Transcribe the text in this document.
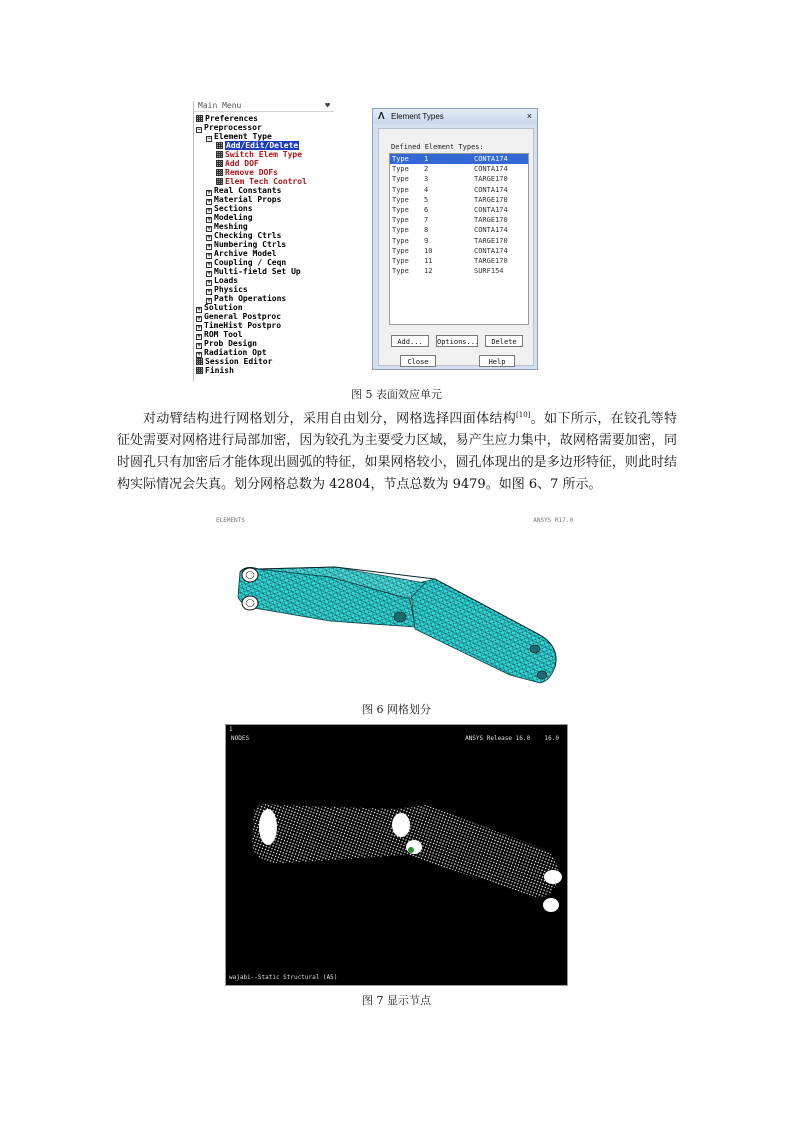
Main Menu	♥
Preferences
− Preprocessor
− Element Type
Add/Edit/Delete
Switch Elem Type
Add DOF
Remove DOFs
Elem Tech Control
+ Real Constants
+ Material Props
+ Sections
+ Modeling
+ Meshing
+ Checking Ctrls
+ Numbering Ctrls
+ Archive Model
+ Coupling / Ceqn
+ Multi-field Set Up
+ Loads
+ Physics
+ Path Operations
+ Solution
+ General Postproc
+ TimeHist Postpro
+ ROM Tool
+ Prob Design
+ Radiation Opt
Session Editor
Finish
Λ Element Types	×
Defined Element Types:
Type 1	CONTA174
Type 2	CONTA174
Type 3	TARGE170
Type 4	CONTA174
Type 5	TARGE170
Type 6	CONTA174
Type 7	TARGE170
Type 8	CONTA174
Type 9	TARGE170
Type 10	CONTA174
Type 11	TARGE170
Type 12	SURF154
Add...	Options...	Delete
Close	Help
图 5 表面效应单元

对动臂结构进行网格划分，采用自由划分，网格选择四面体结构[10]。如下所示，在铰孔等特征处需要对网格进行局部加密，因为铰孔为主要受力区域，易产生应力集中，故网格需要加密，同时圆孔只有加密后才能体现出圆弧的特征，如果网格较小，圆孔体现出的是多边形特征，则此时结构实际情况会失真。划分网格总数为 42804，节点总数为 9479。如图 6、7 所示。

ELEMENTS	ANSYS R17.0
图 6 网格划分
1
NODES	ANSYS Release 16.0 16.0
wajabi--Static Structural (A5)
图 7 显示节点
